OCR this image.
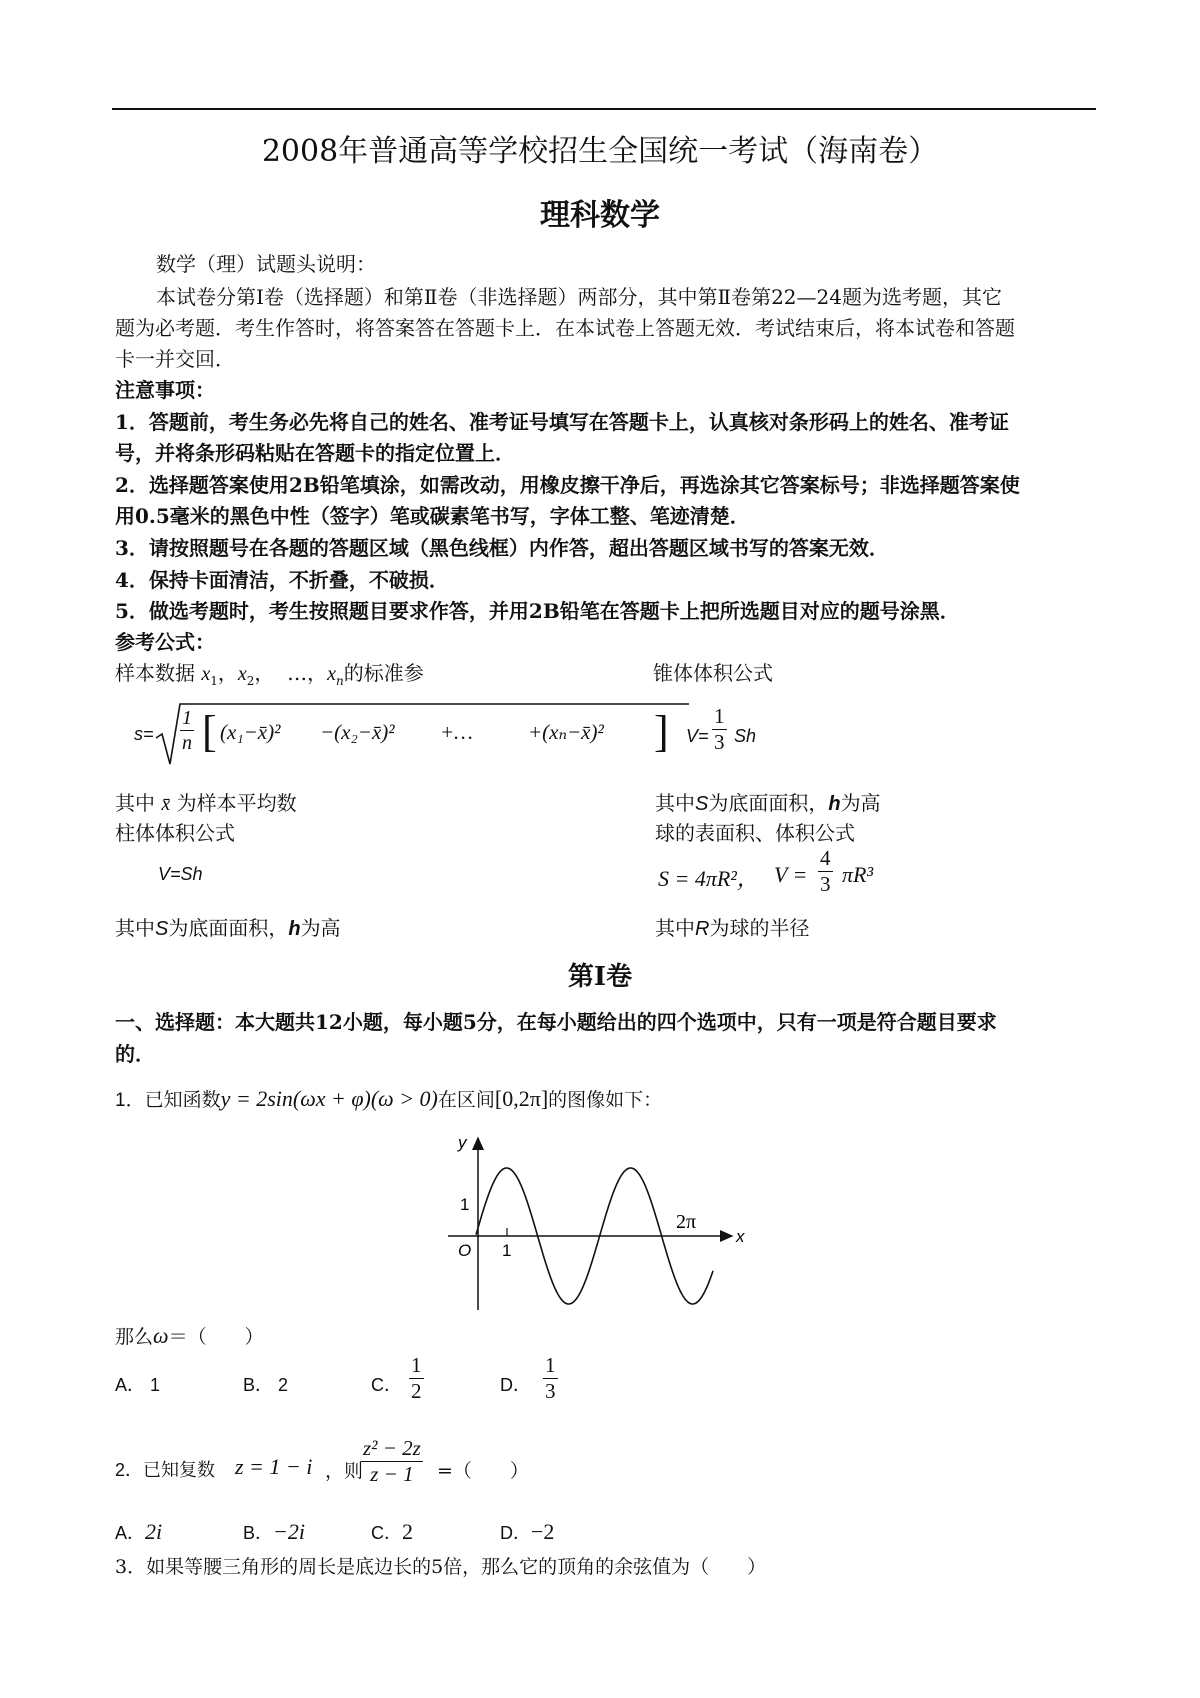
2008年普通高等学校招生全国统一考试（海南卷）
理科数学
数学（理）试题头说明：
本试卷分第Ⅰ卷（选择题）和第Ⅱ卷（非选择题）两部分，其中第Ⅱ卷第22—24题为选考题，其它
题为必考题．考生作答时，将答案答在答题卡上．在本试卷上答题无效．考试结束后，将本试卷和答题
卡一并交回．
注意事项：
1．答题前，考生务必先将自己的姓名、准考证号填写在答题卡上，认真核对条形码上的姓名、准考证
号，并将条形码粘贴在答题卡的指定位置上．
2．选择题答案使用2B铅笔填涂，如需改动，用橡皮擦干净后，再选涂其它答案标号；非选择题答案使
用0.5毫米的黑色中性（签字）笔或碳素笔书写，字体工整、笔迹清楚．
3．请按照题号在各题的答题区域（黑色线框）内作答，超出答题区域书写的答案无效．
4．保持卡面清洁，不折叠，不破损．
5．做选考题时，考生按照题目要求作答，并用2B铅笔在答题卡上把所选题目对应的题号涂黑．
参考公式：
样本数据 $x_1$，$x_2$，  …，$x_n$的标准参
$s= \frac{1}{n}$ [ (x₁−x̄)² −(x₂−x̄)² +…	+(xₙ−x̄)² ]
其中 x̄ 为样本平均数
柱体体积公式
V=Sh
其中S为底面面积，h为高
锥体体积公式
$V= \frac{1}{3}$ Sh
其中S为底面面积，h为高
球的表面积、体积公式
S = 4πR²， $V = \frac{4}{3} \pi R^3$
其中R为球的半径
第Ⅰ卷
一、选择题：本大题共12小题，每小题5分，在每小题给出的四个选项中，只有一项是符合题目要求
的．
1．已知函数y = 2sin(ωx + φ)(ω > 0)在区间[0,2π]的图像如下：
y
x
O
1
1
2π
那么ω＝（　　）
A． 1	B． 2	C． $\frac{1}{2}$	D． $\frac{1}{3}$
2．已知复数 z = 1 − i ，则
$\frac{\text{z² − 2z}}{z - 1}$ =（　　）
A．2i	B．−2i	C．2	D．−2
3．如果等腰三角形的周长是底边长的5倍，那么它的顶角的余弦值为（　　）
